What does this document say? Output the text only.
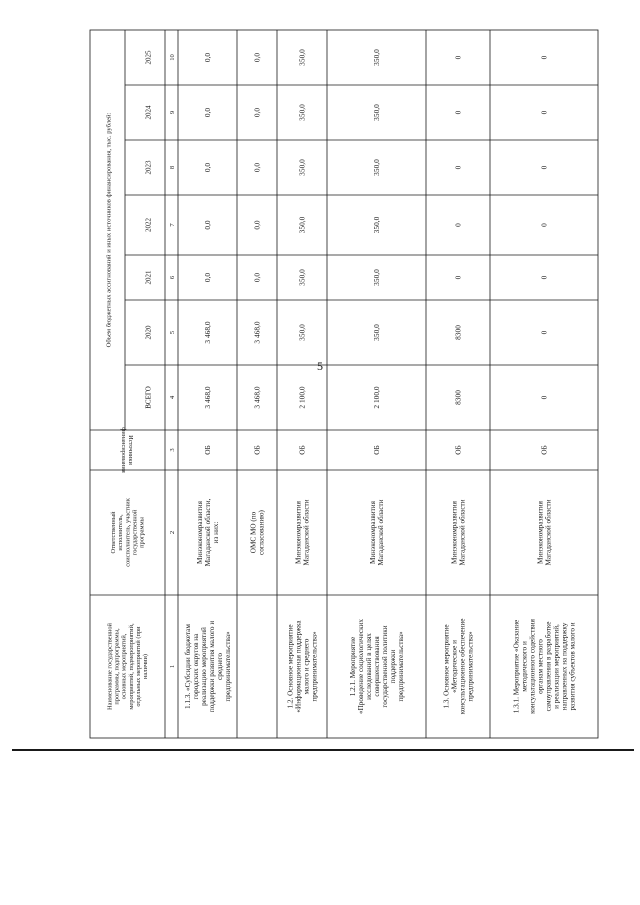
5
Наименование государственнойпрограммы, подпрограммы,основных мероприятий,мероприятий, подмероприятий,отдельных мероприятий (приналичии)
Ответственныйисполнитель,соисполнитель, участникгосударственнойпрограммы
Источникифинансирования
Объем бюджетных ассигнований и иных источников финансирования, тыс. рублей:
ВСЕГО
2020
2021
2022
2023
2024
2025
1
2
3
4
5
6
7
8
9
10
1.1.3. «Субсидии бюджетамгородских округов нареализацию мероприятийподдержки развития малого исреднегопредпринимательства»
МинэкономразвитияМагаданской области,из них:
ОБ
3 468,0
3 468,0
0,0
0,0
0,0
0,0
0,0
ОМС МО (посогласованию)
ОБ
3 468,0
3 468,0
0,0
0,0
0,0
0,0
0,0
1.2. Основное мероприятие«Информационная поддержкамалого и среднегопредпринимательства»
МинэкономразвитияМагаданской области
ОБ
2 100,0
350,0
350,0
350,0
350,0
350,0
350,0
1.2.1. Мероприятие«Проведение социологическихисследований в целяхсовершенствованиягосударственной политикиподдержкипредпринимательства»
МинэкономразвитияМагаданской области
ОБ
2 100,0
350,0
350,0
350,0
350,0
350,0
350,0
1.3. Основное мероприятие«Методическое иконсультационное обеспечениепредпринимательства»
МинэкономразвитияМагаданской области
ОБ
8300
8300
0
0
0
0
0
1.3.1. Мероприятие «Оказаниеметодического иконсультационного содействияорганам местногосамоуправления в разработкеи реализации мероприятий,направленных на поддержкуразвития субъектов малого и
МинэкономразвитияМагаданской области
ОБ
0
0
0
0
0
0
0
